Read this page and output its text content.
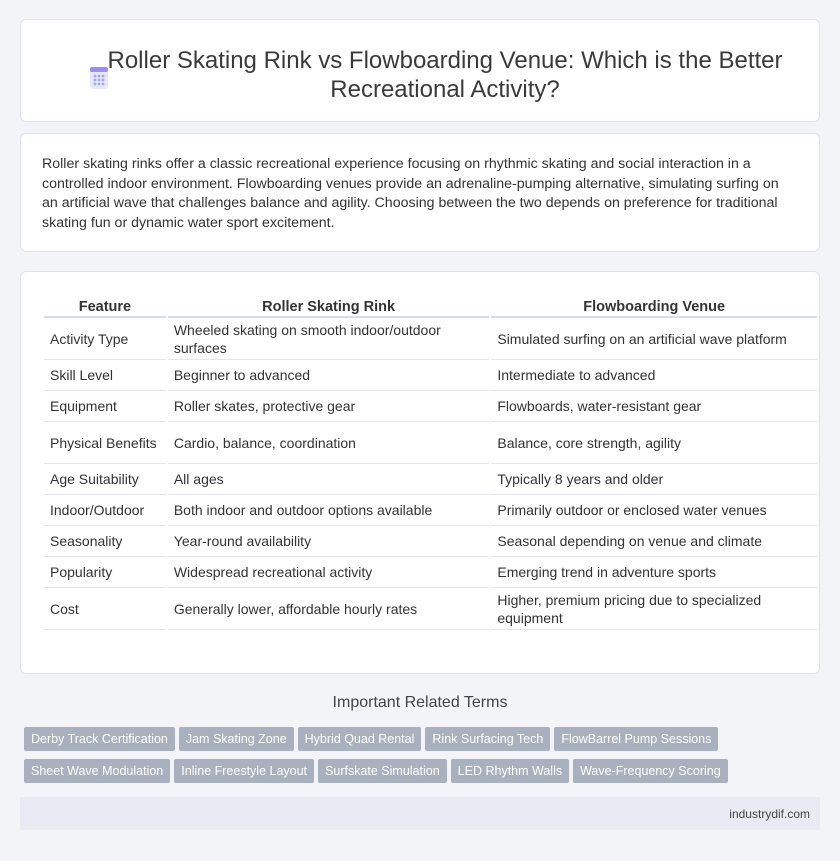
Roller Skating Rink vs Flowboarding Venue: Which is the Better Recreational Activity?

Roller skating rinks offer a classic recreational experience focusing on rhythmic skating and social interaction in a controlled indoor environment. Flowboarding venues provide an adrenaline-pumping alternative, simulating surfing on an artificial wave that challenges balance and agility. Choosing between the two depends on preference for traditional skating fun or dynamic water sport excitement.

Feature	Roller Skating Rink	Flowboarding Venue
Activity Type	Wheeled skating on smooth indoor/outdoor surfaces	Simulated surfing on an artificial wave platform
Skill Level	Beginner to advanced	Intermediate to advanced
Equipment	Roller skates, protective gear	Flowboards, water-resistant gear
Physical Benefits	Cardio, balance, coordination	Balance, core strength, agility
Age Suitability	All ages	Typically 8 years and older
Indoor/Outdoor	Both indoor and outdoor options available	Primarily outdoor or enclosed water venues
Seasonality	Year-round availability	Seasonal depending on venue and climate
Popularity	Widespread recreational activity	Emerging trend in adventure sports
Cost	Generally lower, affordable hourly rates	Higher, premium pricing due to specialized equipment
Important Related Terms
Derby Track Certification Jam Skating Zone Hybrid Quad Rental Rink Surfacing Tech FlowBarrel Pump Sessions
Sheet Wave Modulation Inline Freestyle Layout Surfskate Simulation LED Rhythm Walls Wave-Frequency Scoring
industrydif.com
